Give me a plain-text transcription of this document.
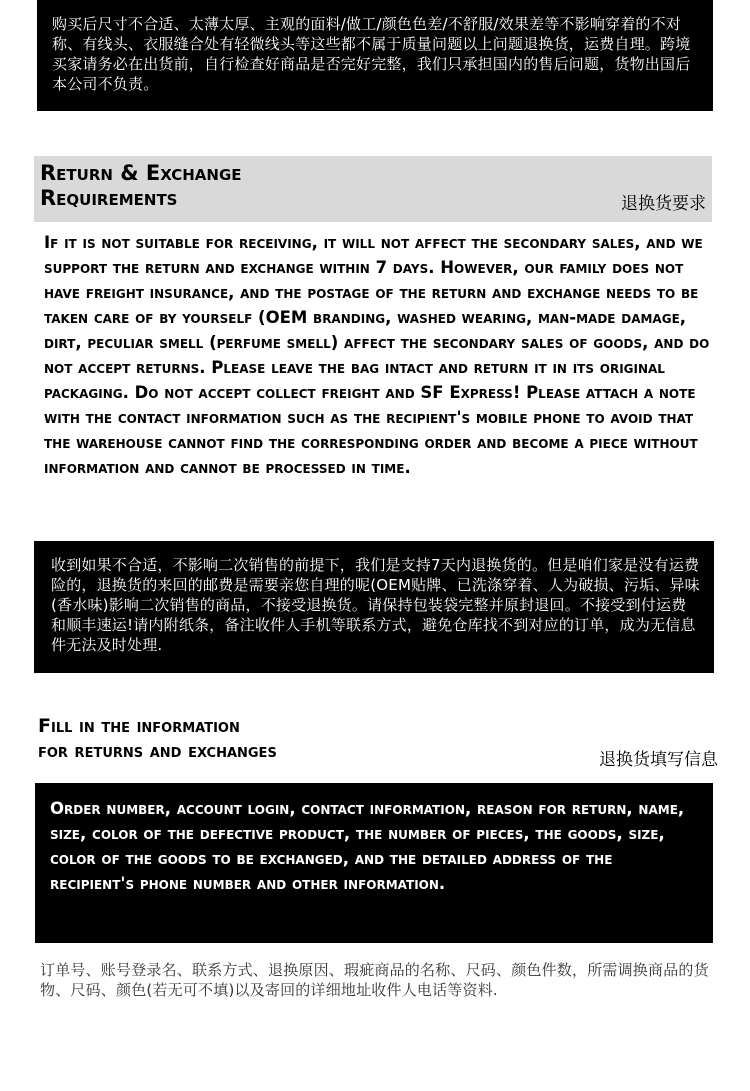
购买后尺寸不合适、太薄太厚、主观的面料/做工/颜色色差/不舒服/效果差等不影响穿着的不对称、有线头、衣服缝合处有轻微线头等这些都不属于质量问题以上问题退换货，运费自理。跨境买家请务必在出货前，自行检查好商品是否完好完整，我们只承担国内的售后问题，货物出国后本公司不负责。

Return & Exchange
Requirements	退换货要求

If it is not suitable for receiving, it will not affect the secondary sales, and we support the return and exchange within 7 days. However, our family does not have freight insurance, and the postage of the return and exchange needs to be taken care of by yourself (OEM branding, washed wearing, man-made damage, dirt, peculiar smell (perfume smell) affect the secondary sales of goods, and do not accept returns. Please leave the bag intact and return it in its original packaging. Do not accept collect freight and SF Express! Please attach a note with the contact information such as the recipient's mobile phone to avoid that the warehouse cannot find the corresponding order and become a piece without information and cannot be processed in time.

收到如果不合适，不影响二次销售的前提下，我们是支持7天内退换货的。但是咱们家是没有运费险的，退换货的来回的邮费是需要亲您自理的呢(OEM贴牌、已洗涤穿着、人为破损、污垢、异味(香水味)影响二次销售的商品，不接受退换货。请保持包装袋完整并原封退回。不接受到付运费和顺丰速运!请内附纸条，备注收件人手机等联系方式，避免仓库找不到对应的订单，成为无信息件无法及时处理.

Fill in the information
for returns and exchanges	退换货填写信息

Order number, account login, contact information, reason for return, name, size, color of the defective product, the number of pieces, the goods, size, color of the goods to be exchanged, and the detailed address of the recipient's phone number and other information.

订单号、账号登录名、联系方式、退换原因、瑕疵商品的名称、尺码、颜色件数，所需调换商品的货物、尺码、颜色(若无可不填)以及寄回的详细地址收件人电话等资料.
